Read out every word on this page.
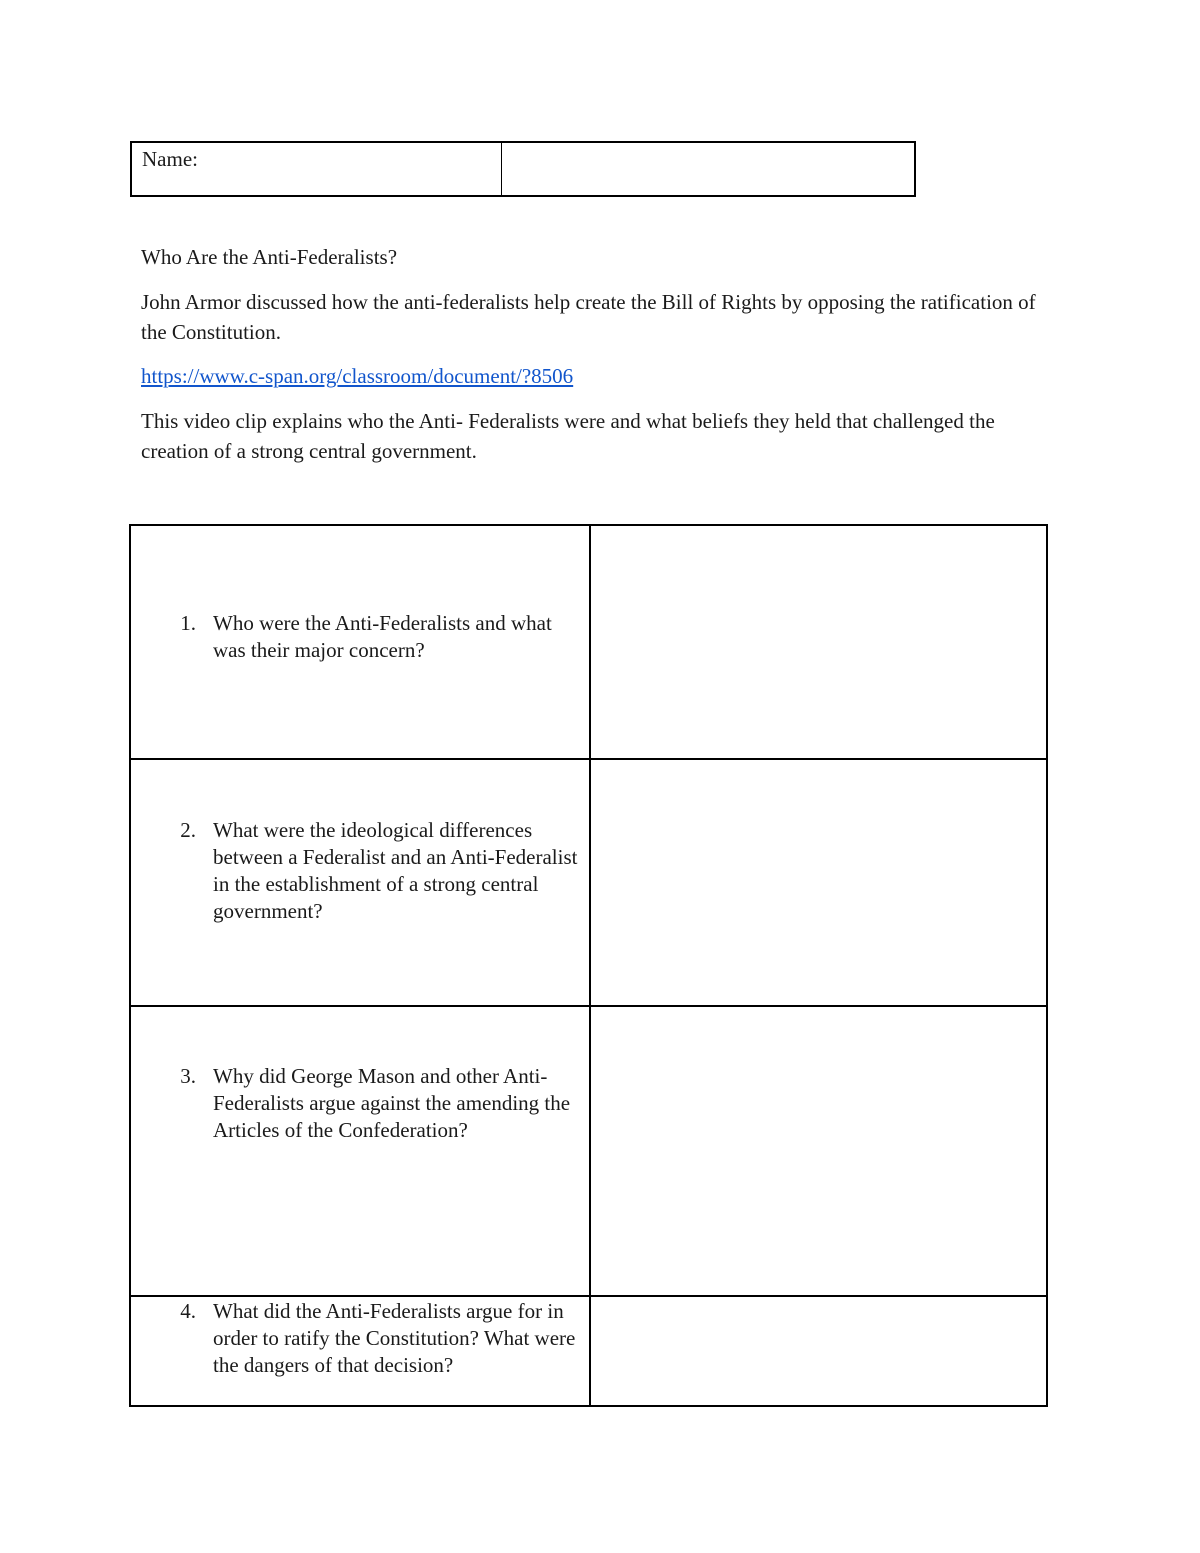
Name:

Who Are the Anti-Federalists?

John Armor discussed how the anti-federalists help create the Bill of Rights by opposing the ratification of the Constitution.

https://www.c-span.org/classroom/document/?8506

This video clip explains who the Anti- Federalists were and what beliefs they held that challenged the creation of a strong central government.

1. Who were the Anti-Federalists and what was their major concern?	

2. What were the ideological differences between a Federalist and an Anti-Federalist in the establishment of a strong central government?	

3. Why did George Mason and other Anti-Federalists argue against the amending the Articles of the Confederation?	

4. What did the Anti-Federalists argue for in order to ratify the Constitution? What were the dangers of that decision?	
